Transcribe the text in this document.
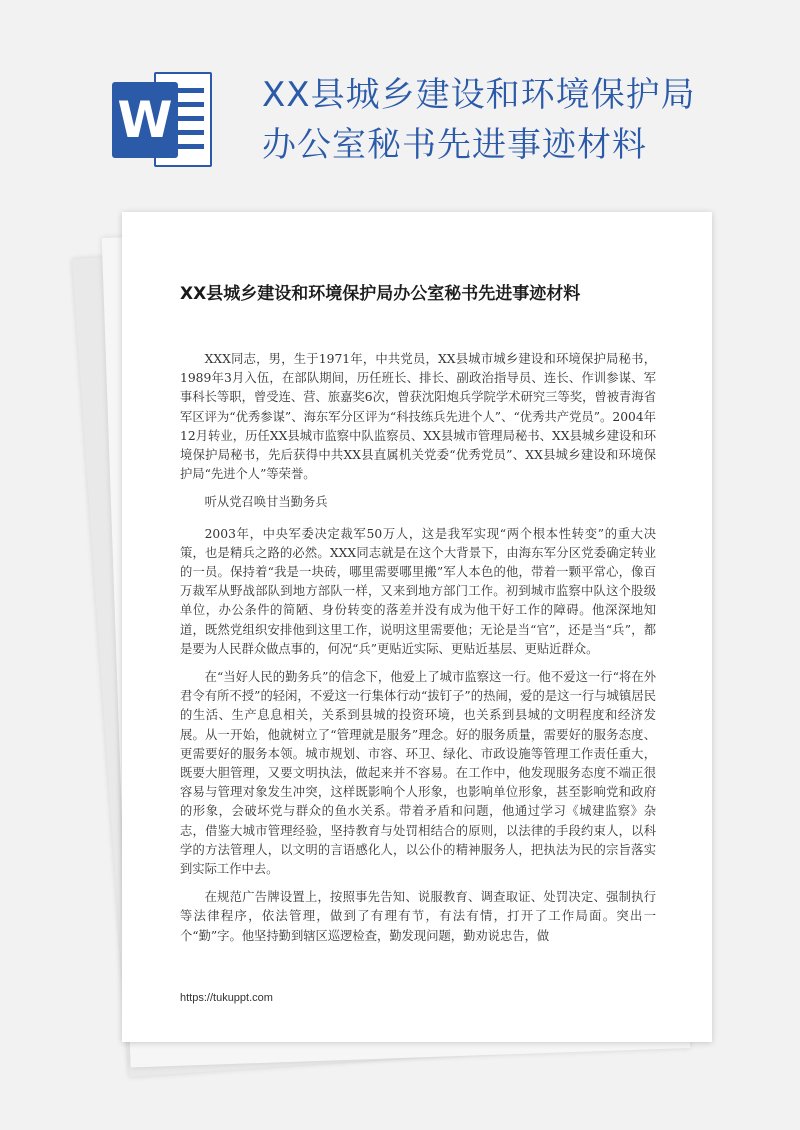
W	XX县城乡建设和环境保护局
办公室秘书先进事迹材料
XX县城乡建设和环境保护局办公室秘书先进事迹材料

XXX同志，男，生于1971年，中共党员，XX县城市城乡建设和环境保护局秘书，1989年3月入伍，在部队期间，历任班长、排长、副政治指导员、连长、作训参谋、军事科长等职，曾受连、营、旅嘉奖6次，曾获沈阳炮兵学院学术研究三等奖，曾被青海省军区评为“优秀参谋”、海东军分区评为“科技练兵先进个人”、“优秀共产党员”。2004年12月转业，历任XX县城市监察中队监察员、XX县城市管理局秘书、XX县城乡建设和环境保护局秘书，先后获得中共XX县直属机关党委“优秀党员”、XX县城乡建设和环境保护局“先进个人”等荣誉。

听从党召唤甘当勤务兵

2003年，中央军委决定裁军50万人，这是我军实现“两个根本性转变”的重大决策，也是精兵之路的必然。XXX同志就是在这个大背景下，由海东军分区党委确定转业的一员。保持着“我是一块砖，哪里需要哪里搬”军人本色的他，带着一颗平常心，像百万裁军从野战部队到地方部队一样，又来到地方部门工作。初到城市监察中队这个股级单位，办公条件的简陋、身份转变的落差并没有成为他干好工作的障碍。他深深地知道，既然党组织安排他到这里工作，说明这里需要他；无论是当“官”，还是当“兵”，都是要为人民群众做点事的，何况“兵”更贴近实际、更贴近基层、更贴近群众。

在“当好人民的勤务兵”的信念下，他爱上了城市监察这一行。他不爱这一行“将在外君令有所不授”的轻闲，不爱这一行集体行动“拔钉子”的热闹，爱的是这一行与城镇居民的生活、生产息息相关，关系到县城的投资环境，也关系到县城的文明程度和经济发展。从一开始，他就树立了“管理就是服务”理念。好的服务质量，需要好的服务态度、更需要好的服务本领。城市规划、市容、环卫、绿化、市政设施等管理工作责任重大，既要大胆管理，又要文明执法，做起来并不容易。在工作中，他发现服务态度不端正很容易与管理对象发生冲突，这样既影响个人形象，也影响单位形象，甚至影响党和政府的形象，会破坏党与群众的鱼水关系。带着矛盾和问题，他通过学习《城建监察》杂志，借鉴大城市管理经验，坚持教育与处罚相结合的原则，以法律的手段约束人，以科学的方法管理人，以文明的言语感化人，以公仆的精神服务人，把执法为民的宗旨落实到实际工作中去。

在规范广告牌设置上，按照事先告知、说服教育、调查取证、处罚决定、强制执行等法律程序，依法管理，做到了有理有节，有法有情，打开了工作局面。突出一个“勤”字。他坚持勤到辖区巡逻检查，勤发现问题，勤劝说忠告，做

https://tukuppt.com
